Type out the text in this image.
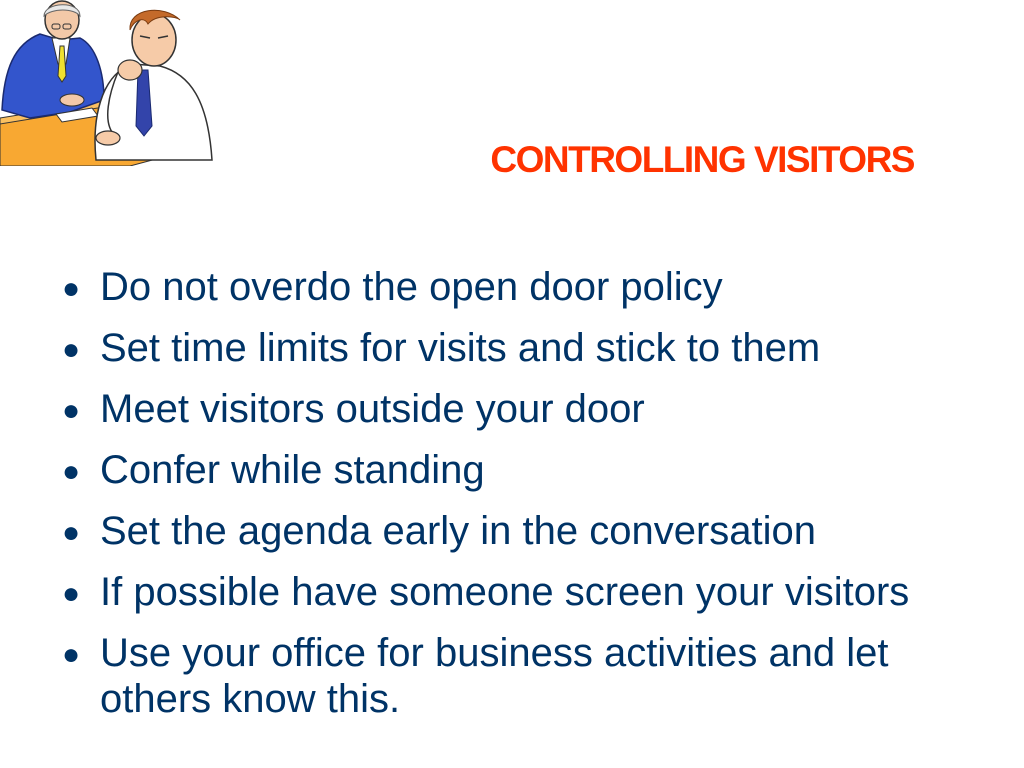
CONTROLLING VISITORS
● Do not overdo the open door policy
● Set time limits for visits and stick to them
● Meet visitors outside your door
● Confer while standing
● Set the agenda early in the conversation
● If possible have someone screen your visitors
● Use your office for business activities and let others know this.
